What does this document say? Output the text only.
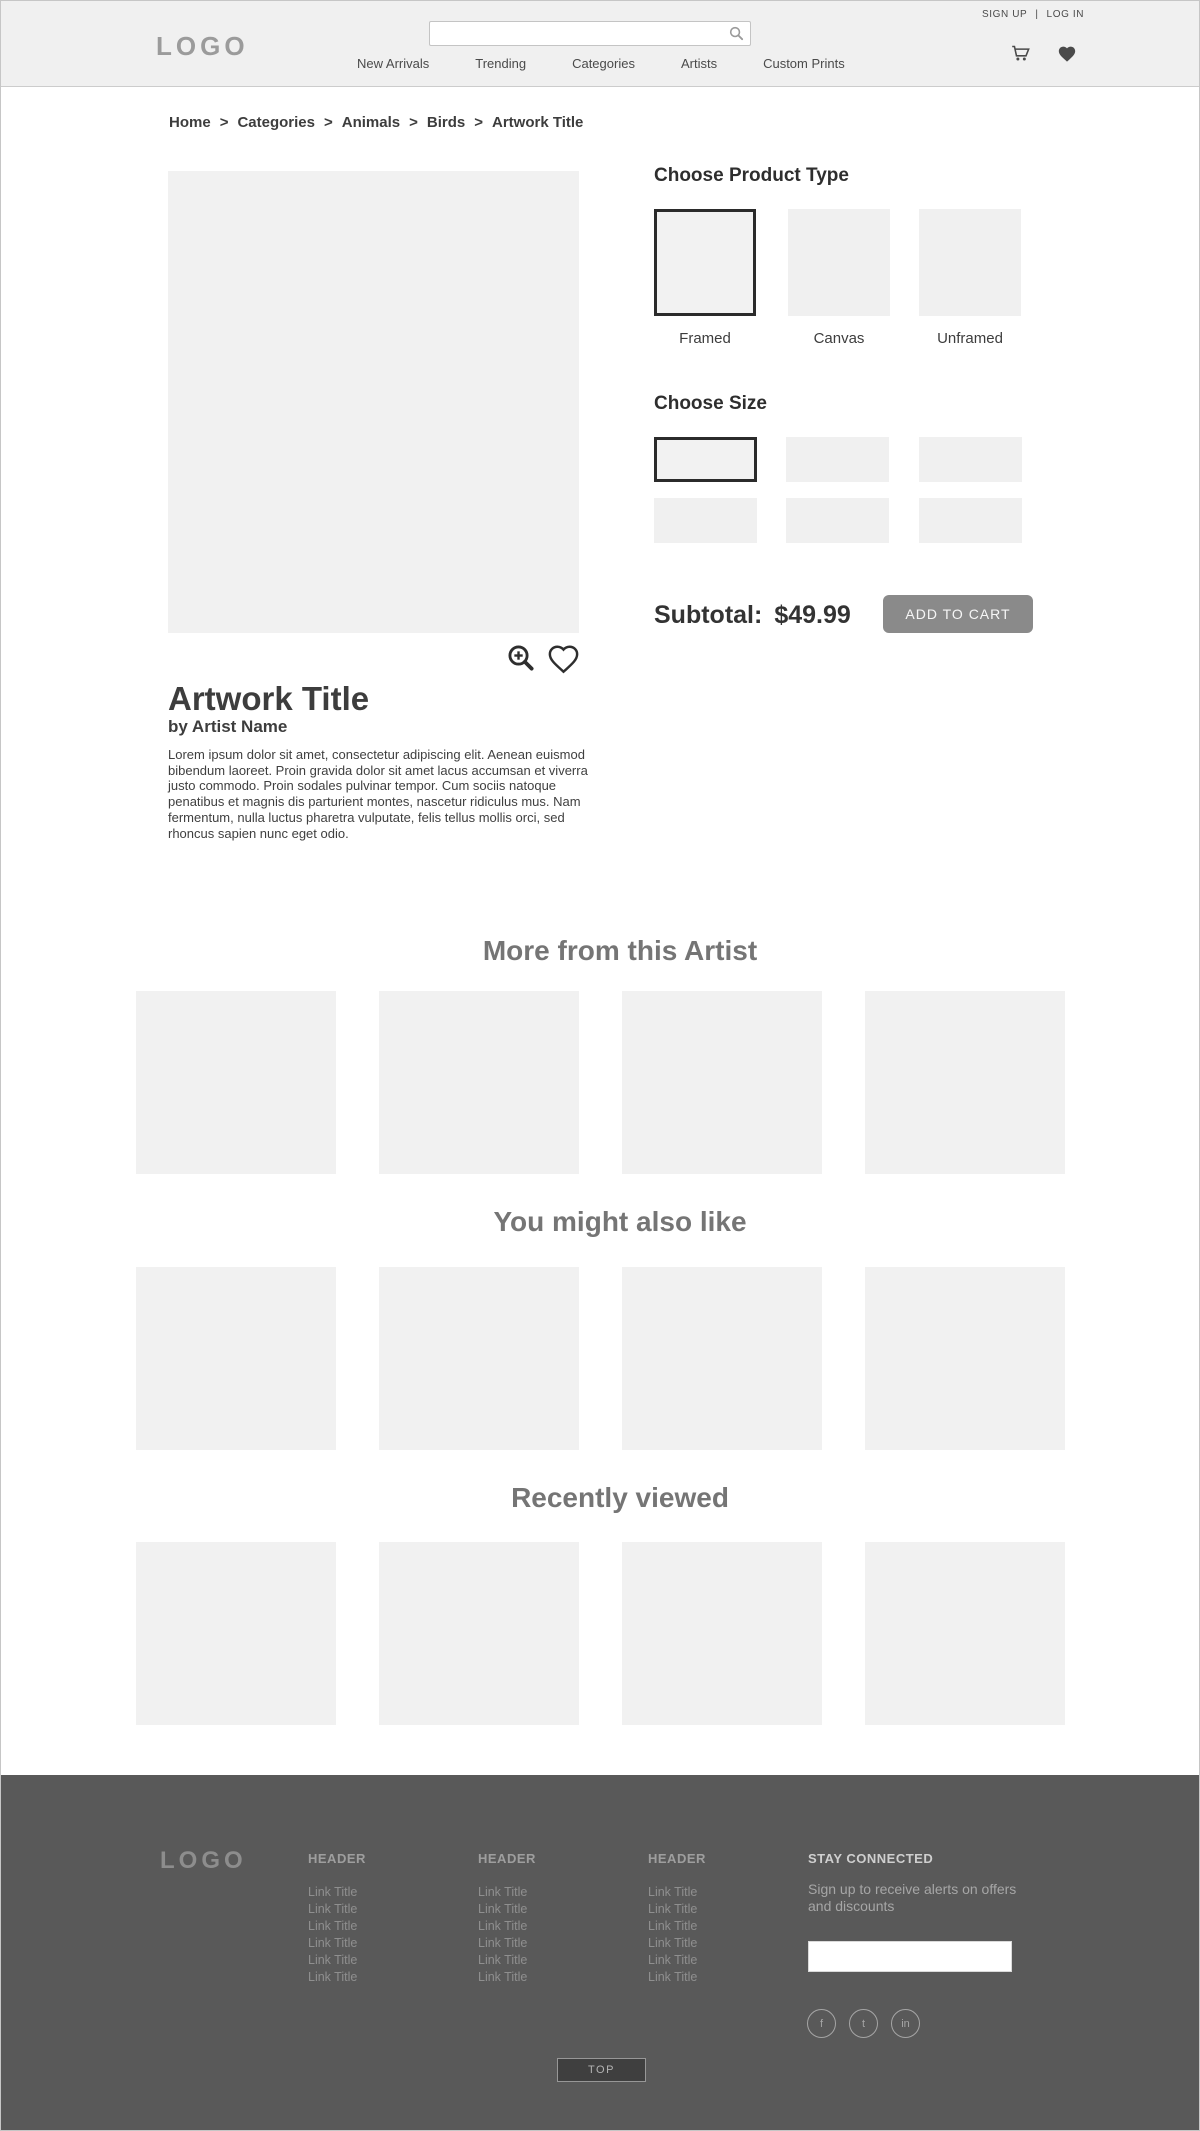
LOGO
New Arrivals	Trending	Categories	Artists	Custom Prints
SIGN UP | LOG IN
Home > Categories > Animals > Birds > Artwork Title
Artwork Title
by Artist Name

Lorem ipsum dolor sit amet, consectetur adipiscing elit. Aenean euismod bibendum laoreet. Proin gravida dolor sit amet lacus accumsan et viverra justo commodo. Proin sodales pulvinar tempor. Cum sociis natoque penatibus et magnis dis parturient montes, nascetur ridiculus mus. Nam fermentum, nulla luctus pharetra vulputate, felis tellus mollis orci, sed rhoncus sapien nunc eget odio.

Choose Product Type
Framed	Canvas	Unframed
Choose Size
Subtotal: $49.99	ADD TO CART
More from this Artist
You might also like
Recently viewed
LOGO	HEADER
Link Title
Link Title
Link Title
Link Title
Link Title
Link Title
HEADER
Link Title
Link Title
Link Title
Link Title
Link Title
Link Title
HEADER
Link Title
Link Title
Link Title
Link Title
Link Title
Link Title
STAY CONNECTED
Sign up to receive alerts on offers and discounts
f	t	in
TOP
